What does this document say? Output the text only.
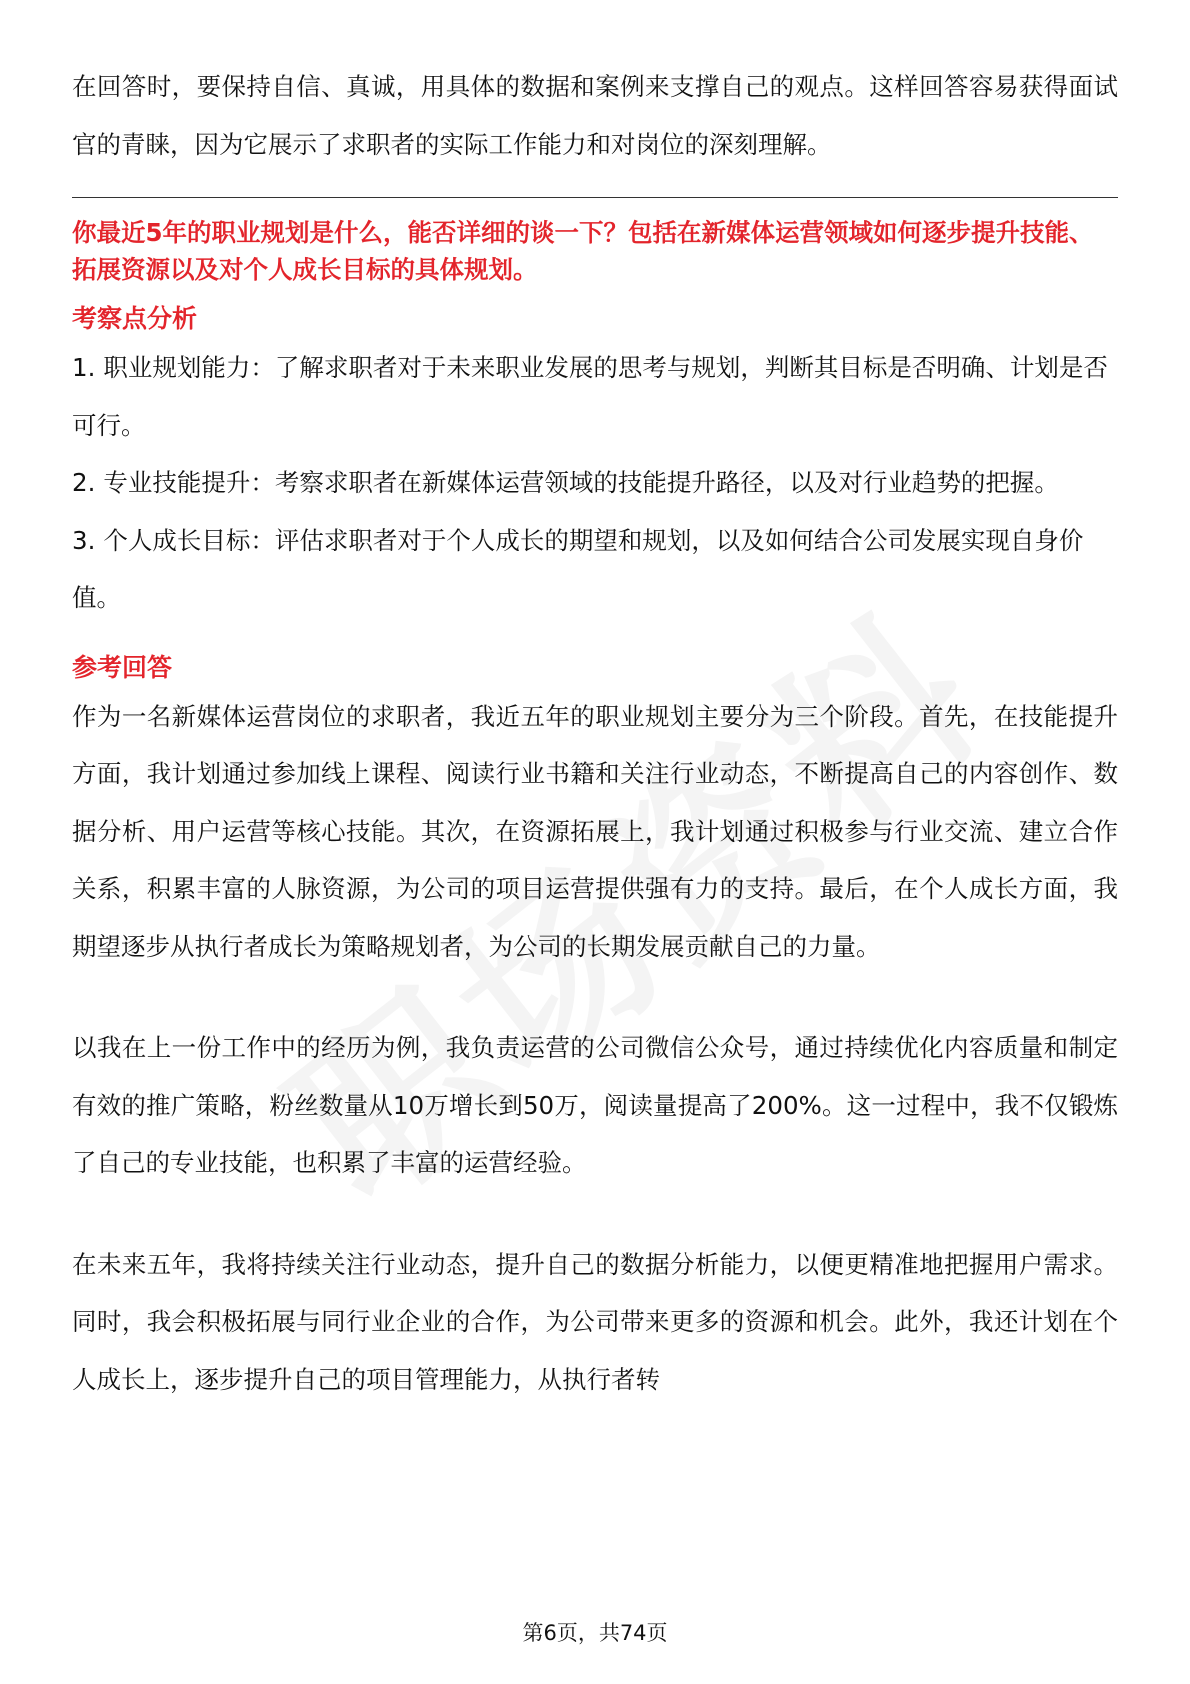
在回答时，要保持自信、真诚，用具体的数据和案例来支撑自己的观点。这样回答容易获得面试官的青睐，因为它展示了求职者的实际工作能力和对岗位的深刻理解。

你最近5年的职业规划是什么，能否详细的谈一下？包括在新媒体运营领域如何逐步提升技能、拓展资源以及对个人成长目标的具体规划。

考察点分析
1. 职业规划能力：了解求职者对于未来职业发展的思考与规划，判断其目标是否明确、计划是否可行。
2. 专业技能提升：考察求职者在新媒体运营领域的技能提升路径，以及对行业趋势的把握。
3. 个人成长目标：评估求职者对于个人成长的期望和规划，以及如何结合公司发展实现自身价值。
参考回答

作为一名新媒体运营岗位的求职者，我近五年的职业规划主要分为三个阶段。首先，在技能提升方面，我计划通过参加线上课程、阅读行业书籍和关注行业动态，不断提高自己的内容创作、数据分析、用户运营等核心技能。其次，在资源拓展上，我计划通过积极参与行业交流、建立合作关系，积累丰富的人脉资源，为公司的项目运营提供强有力的支持。最后，在个人成长方面，我期望逐步从执行者成长为策略规划者，为公司的长期发展贡献自己的力量。

以我在上一份工作中的经历为例，我负责运营的公司微信公众号，通过持续优化内容质量和制定有效的推广策略，粉丝数量从10万增长到50万，阅读量提高了200%。这一过程中，我不仅锻炼了自己的专业技能，也积累了丰富的运营经验。

在未来五年，我将持续关注行业动态，提升自己的数据分析能力，以便更精准地把握用户需求。同时，我会积极拓展与同行业企业的合作，为公司带来更多的资源和机会。此外，我还计划在个人成长上，逐步提升自己的项目管理能力，从执行者转

第6页，共74页
